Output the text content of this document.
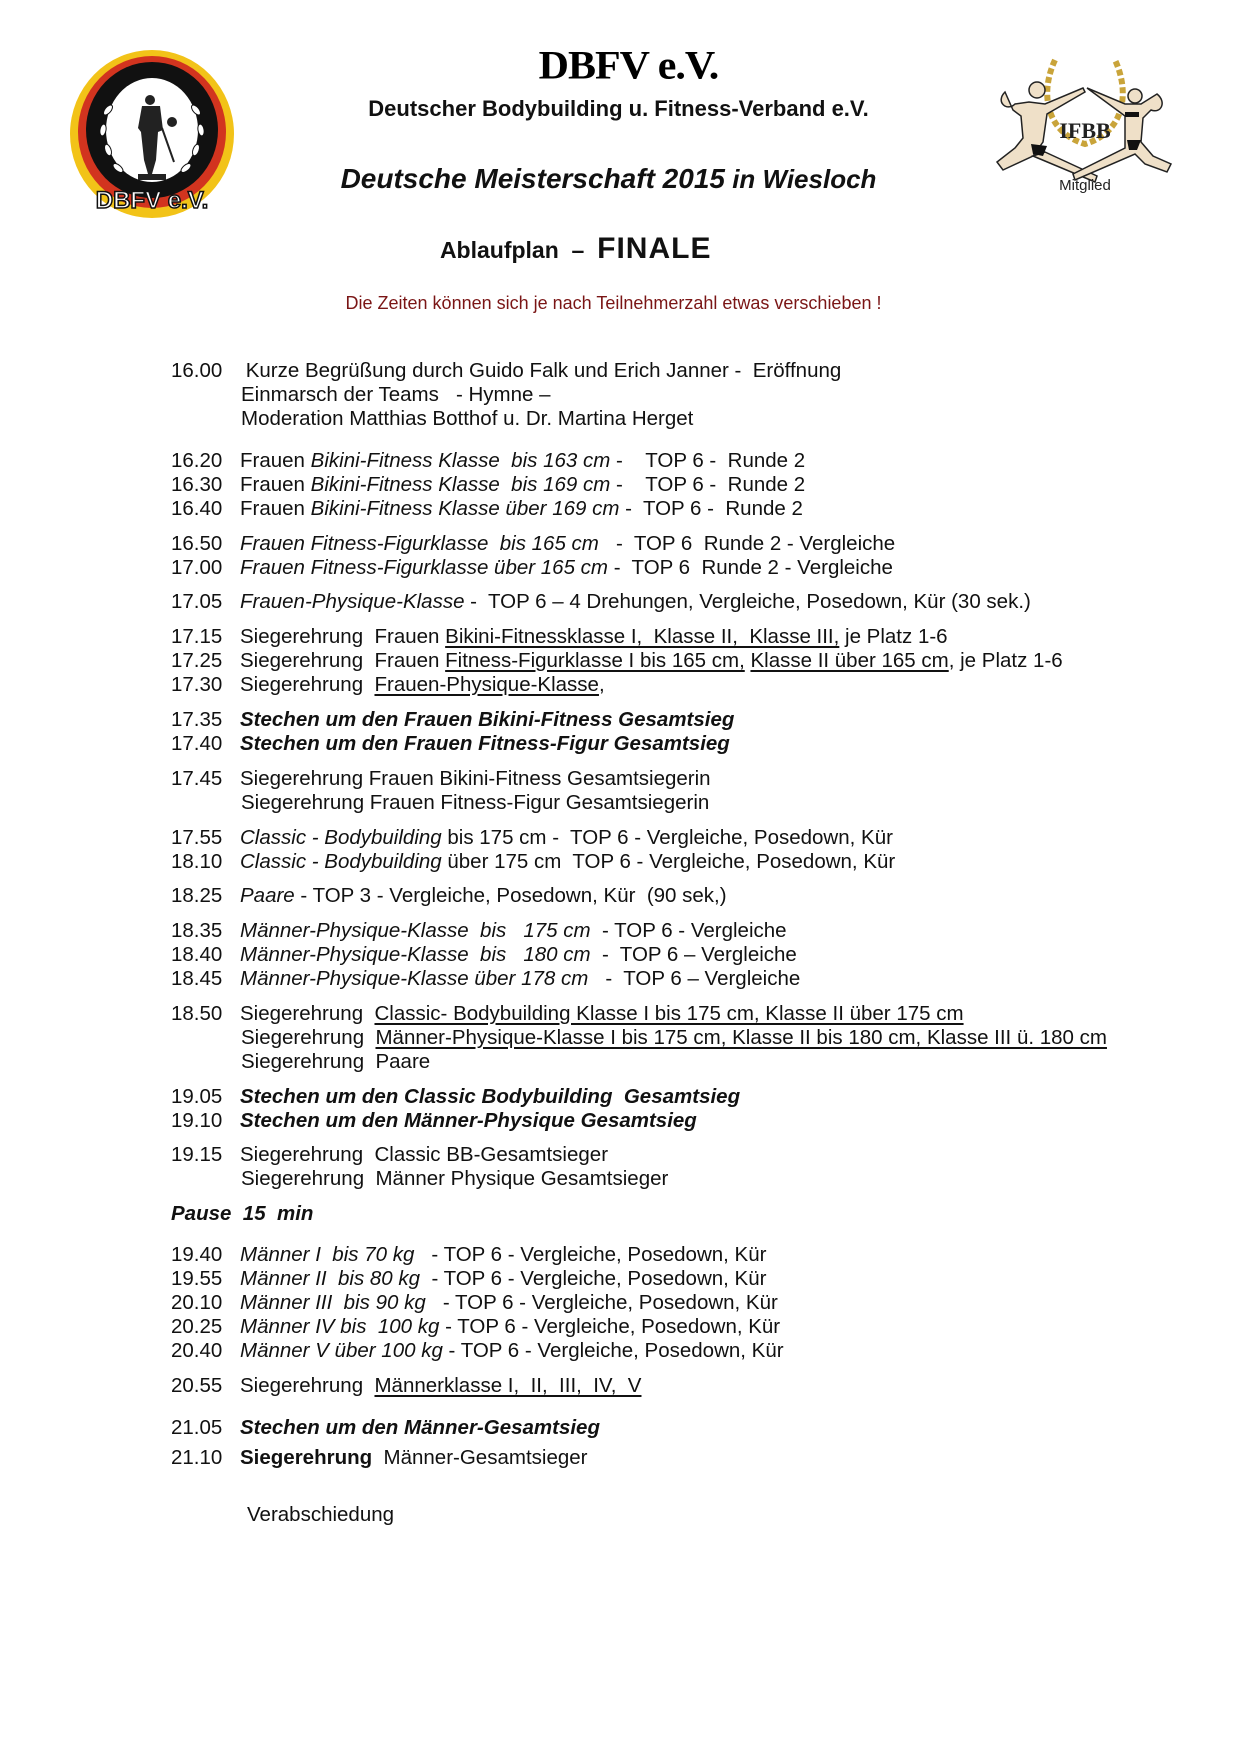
DBFV e.V.
DBFV e.V.
Deutscher Bodybuilding u. Fitness-Verband e.V.
Deutsche Meisterschaft 2015 in Wiesloch

Ablaufplan  –  FINALE

IFBB
Mitglied
Die Zeiten können sich je nach Teilnehmerzahl etwas verschieben !
16.00 Kurze Begrüßung durch Guido Falk und Erich Janner -  Eröffnung
Einmarsch der Teams   - Hymne –
Moderation Matthias Botthof u. Dr. Martina Herget
16.20 Frauen Bikini-Fitness Klasse  bis 163 cm -    TOP 6 -  Runde 2
16.30 Frauen Bikini-Fitness Klasse  bis 169 cm -    TOP 6 -  Runde 2
16.40 Frauen Bikini-Fitness Klasse über 169 cm -  TOP 6 -  Runde 2
16.50 Frauen Fitness-Figurklasse  bis 165 cm   -  TOP 6  Runde 2 - Vergleiche
17.00 Frauen Fitness-Figurklasse über 165 cm -  TOP 6  Runde 2 - Vergleiche
17.05 Frauen-Physique-Klasse -  TOP 6 – 4 Drehungen, Vergleiche, Posedown, Kür (30 sek.)
17.15 Siegerehrung  Frauen Bikini-Fitnessklasse I,  Klasse II,  Klasse III, je Platz 1-6
17.25 Siegerehrung  Frauen Fitness-Figurklasse I bis 165 cm, Klasse II über 165 cm, je Platz 1-6
17.30 Siegerehrung  Frauen-Physique-Klasse,
17.35 Stechen um den Frauen Bikini-Fitness Gesamtsieg
17.40 Stechen um den Frauen Fitness-Figur Gesamtsieg
17.45 Siegerehrung Frauen Bikini-Fitness Gesamtsiegerin
Siegerehrung Frauen Fitness-Figur Gesamtsiegerin
17.55 Classic - Bodybuilding bis 175 cm -  TOP 6 - Vergleiche, Posedown, Kür
18.10 Classic - Bodybuilding über 175 cm  TOP 6 - Vergleiche, Posedown, Kür
18.25 Paare - TOP 3 - Vergleiche, Posedown, Kür  (90 sek,)
18.35 Männer-Physique-Klasse  bis   175 cm  - TOP 6 - Vergleiche
18.40 Männer-Physique-Klasse  bis   180 cm  -  TOP 6 – Vergleiche
18.45 Männer-Physique-Klasse über 178 cm   -  TOP 6 – Vergleiche
18.50 Siegerehrung  Classic- Bodybuilding Klasse I bis 175 cm, Klasse II über 175 cm
Siegerehrung  Männer-Physique-Klasse I bis 175 cm, Klasse II bis 180 cm, Klasse III ü. 180 cm
Siegerehrung  Paare
19.05 Stechen um den Classic Bodybuilding  Gesamtsieg
19.10 Stechen um den Männer-Physique Gesamtsieg
19.15 Siegerehrung  Classic BB-Gesamtsieger
Siegerehrung  Männer Physique Gesamtsieger
Pause  15  min
19.40 Männer I  bis 70 kg   - TOP 6 - Vergleiche, Posedown, Kür
19.55 Männer II  bis 80 kg  - TOP 6 - Vergleiche, Posedown, Kür
20.10 Männer III  bis 90 kg   - TOP 6 - Vergleiche, Posedown, Kür
20.25 Männer IV bis  100 kg - TOP 6 - Vergleiche, Posedown, Kür
20.40 Männer V über 100 kg - TOP 6 - Vergleiche, Posedown, Kür
20.55 Siegerehrung  Männerklasse I,  II,  III,  IV,  V
21.05 Stechen um den Männer-Gesamtsieg
21.10 Siegerehrung  Männer-Gesamtsieger
Verabschiedung
